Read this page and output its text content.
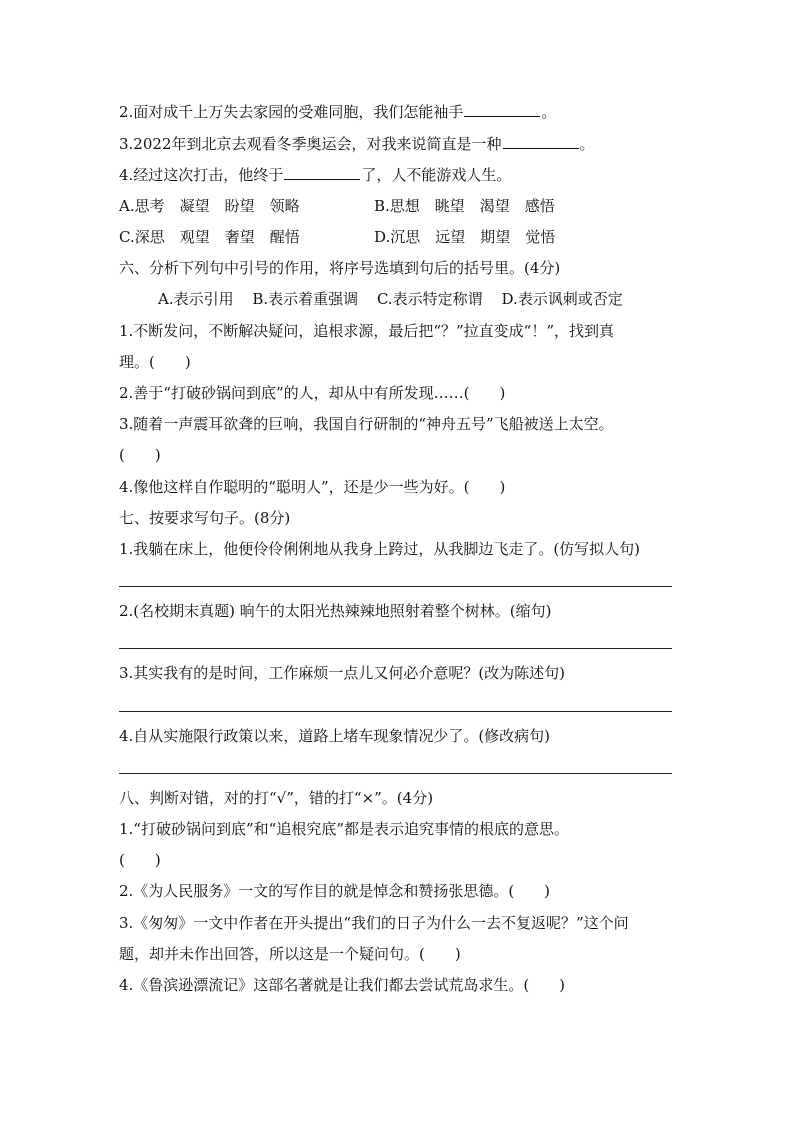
2.面对成千上万失去家园的受难同胞，我们怎能袖手	。
3.2022年到北京去观看冬季奥运会，对我来说简直是一种	。
4.经过这次打击，他终于	了，人不能游戏人生。
A.思考　凝望　盼望　领略	B.思想　眺望　渴望　感悟
C.深思　观望　奢望　醒悟	D.沉思　远望　期望　觉悟
六、分析下列句中引号的作用，将序号选填到句后的括号里。(4分)
A.表示引用 B.表示着重强调 C.表示特定称谓 D.表示讽刺或否定
1.不断发问，不断解决疑问，追根求源，最后把“？”拉直变成“！”，找到真
理。(　　)
2.善于“打破砂锅问到底”的人，却从中有所发现……(　　)
3.随着一声震耳欲聋的巨响，我国自行研制的“神舟五号”飞船被送上太空。
(　　)
4.像他这样自作聪明的“聪明人”，还是少一些为好。(　　)
七、按要求写句子。(8分)
1.我躺在床上，他便伶伶俐俐地从我身上跨过，从我脚边飞走了。(仿写拟人句)
2.(名校期末真题) 晌午的太阳光热辣辣地照射着整个树林。(缩句)
3.其实我有的是时间，工作麻烦一点儿又何必介意呢？(改为陈述句)
4.自从实施限行政策以来，道路上堵车现象情况少了。(修改病句)
八、判断对错，对的打“√”，错的打“×”。(4分)
1.“打破砂锅问到底”和“追根究底”都是表示追究事情的根底的意思。
(　　)
2.《为人民服务》一文的写作目的就是悼念和赞扬张思德。(　　)
3.《匆匆》一文中作者在开头提出“我们的日子为什么一去不复返呢？”这个问
题，却并未作出回答，所以这是一个疑问句。(　　)
4.《鲁滨逊漂流记》这部名著就是让我们都去尝试荒岛求生。(　　)
